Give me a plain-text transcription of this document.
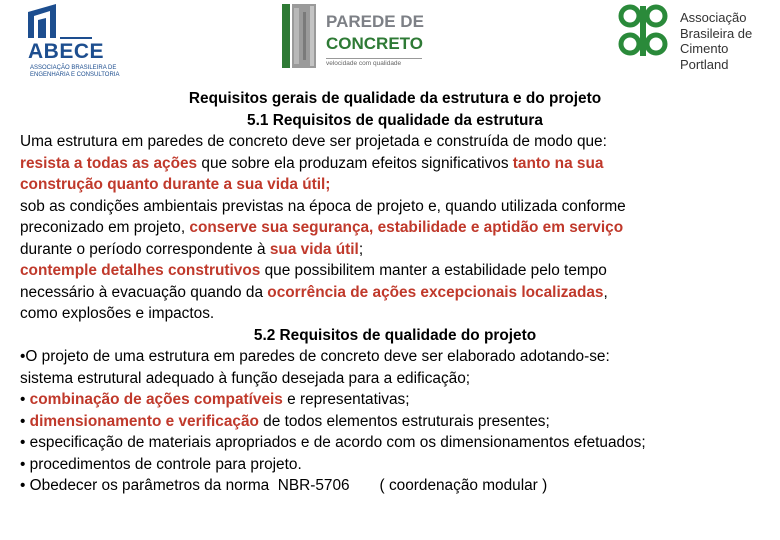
ABECE
ASSOCIAÇÃO BRASILEIRA DE ENGENHARIA E CONSULTORIA
PAREDE DE
CONCRETO
velocidade com qualidade
Associação
Brasileira de
Cimento Portland

Requisitos gerais de qualidade da estrutura e do projeto

5.1 Requisitos de qualidade da estrutura

Uma estrutura em paredes de concreto deve ser projetada e construída de modo que:

resista a todas as ações que sobre ela produzam efeitos significativos tanto na sua

construção quanto durante a sua vida útil;

sob as condições ambientais previstas na época de projeto e, quando utilizada conforme

preconizado em projeto, conserve sua segurança, estabilidade e aptidão em serviço

durante o período correspondente à sua vida útil;

contemple detalhes construtivos que possibilitem manter a estabilidade pelo tempo

necessário à evacuação quando da ocorrência de ações excepcionais localizadas,

como explosões e impactos.

5.2 Requisitos de qualidade do projeto

•O projeto de uma estrutura em paredes de concreto deve ser elaborado adotando-se:

sistema estrutural adequado à função desejada para a edificação;

• combinação de ações compatíveis e representativas;

• dimensionamento e verificação de todos elementos estruturais presentes;

• especificação de materiais apropriados e de acordo com os dimensionamentos efetuados;

• procedimentos de controle para projeto.

• Obedecer os parâmetros da norma  NBR-5706       ( coordenação modular )
